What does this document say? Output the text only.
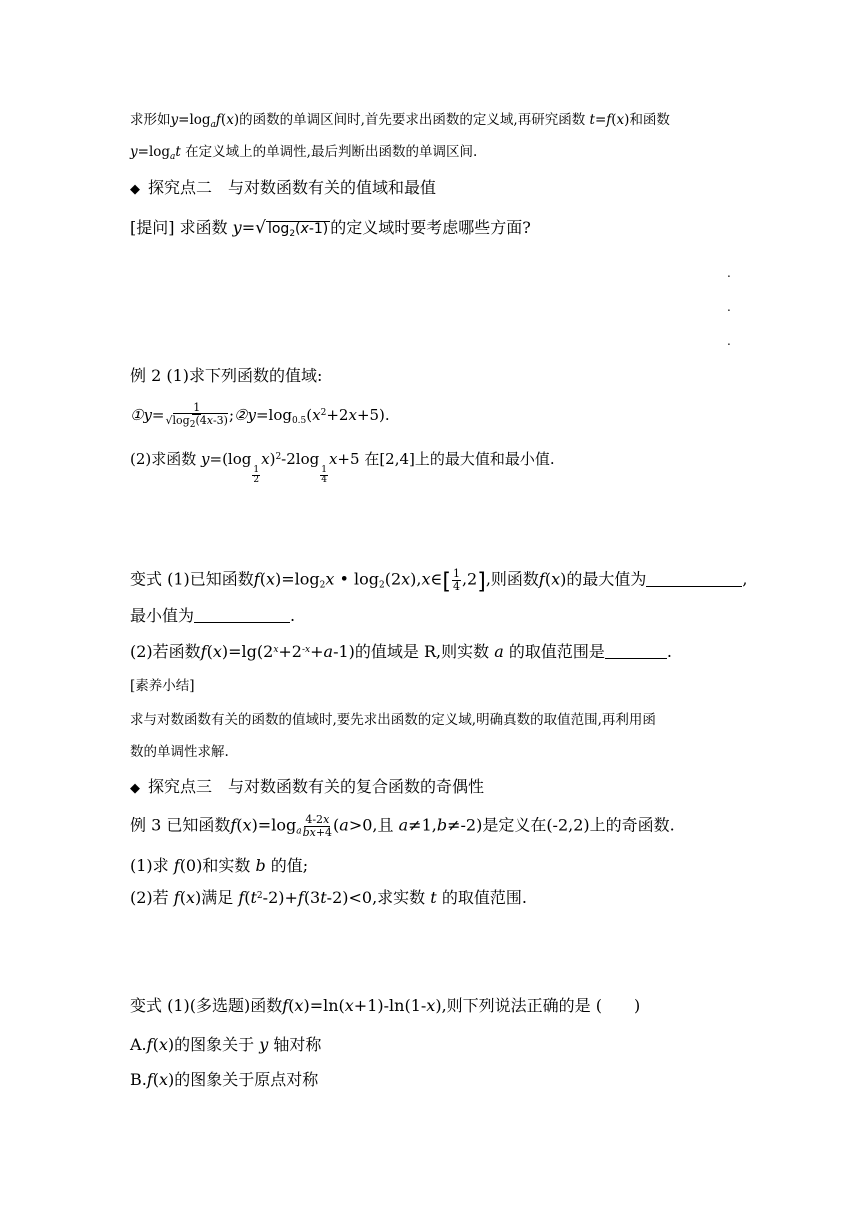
求形如$y=\log_af(x)$的函数的单调区间时,首先要求出函数的定义域,再研究函数 t=f(x)和函数
$y=\log_at$ 在定义域上的单调性,最后判断出函数的单调区间.
◆ 探究点二　与对数函数有关的值域和最值
[提问] 求函数 y=√ $\log_2(x-1)$ 的定义域时要考虑哪些方面?
.
.
.
例 2 (1)求下列函数的值域:
①y= $\frac{1}{√\log_2(4x-3)}$ $;②y=\log_{0.5}(x^2+2x+5)$.
(2)求函数 y=(log
$\frac{1}{2}$
x)$^2$-2log
$\frac{1}{4}$
x+5 在[2,4]上的最大值和最小值.
变式 (1)已知函数$f(x)=\log_2x$ • $\log_2(2x),x\in[ \frac{1}{4} ,2]$,则函数f(x)的最大值为	,
最小值为	.
(2)若函数$f(x)=\lg(2^x+2^{-x}+a-1)$的值域是 R,则实数 a 的取值范围是	.
[素养小结]
求与对数函数有关的函数的值域时,要先求出函数的定义域,明确真数的取值范围,再利用函
数的单调性求解.
◆ 探究点三　与对数函数有关的复合函数的奇偶性
例 3 已知函数$f(x)=\log_a \frac{4-2x}{bx+4} (a>0$,且 a≠1,b≠-2)是定义在(-2,2)上的奇函数.
(1)求 f(0)和实数 b 的值;
(2)若 f(x)满足 $f(t^2-2)+f(3t-2)<0$,求实数 t 的取值范围.
变式 (1)(多选题)函数f(x)=ln(x+1)-ln(1-x),则下列说法正确的是 (　　)
A.f(x)的图象关于 y 轴对称
B.f(x)的图象关于原点对称
